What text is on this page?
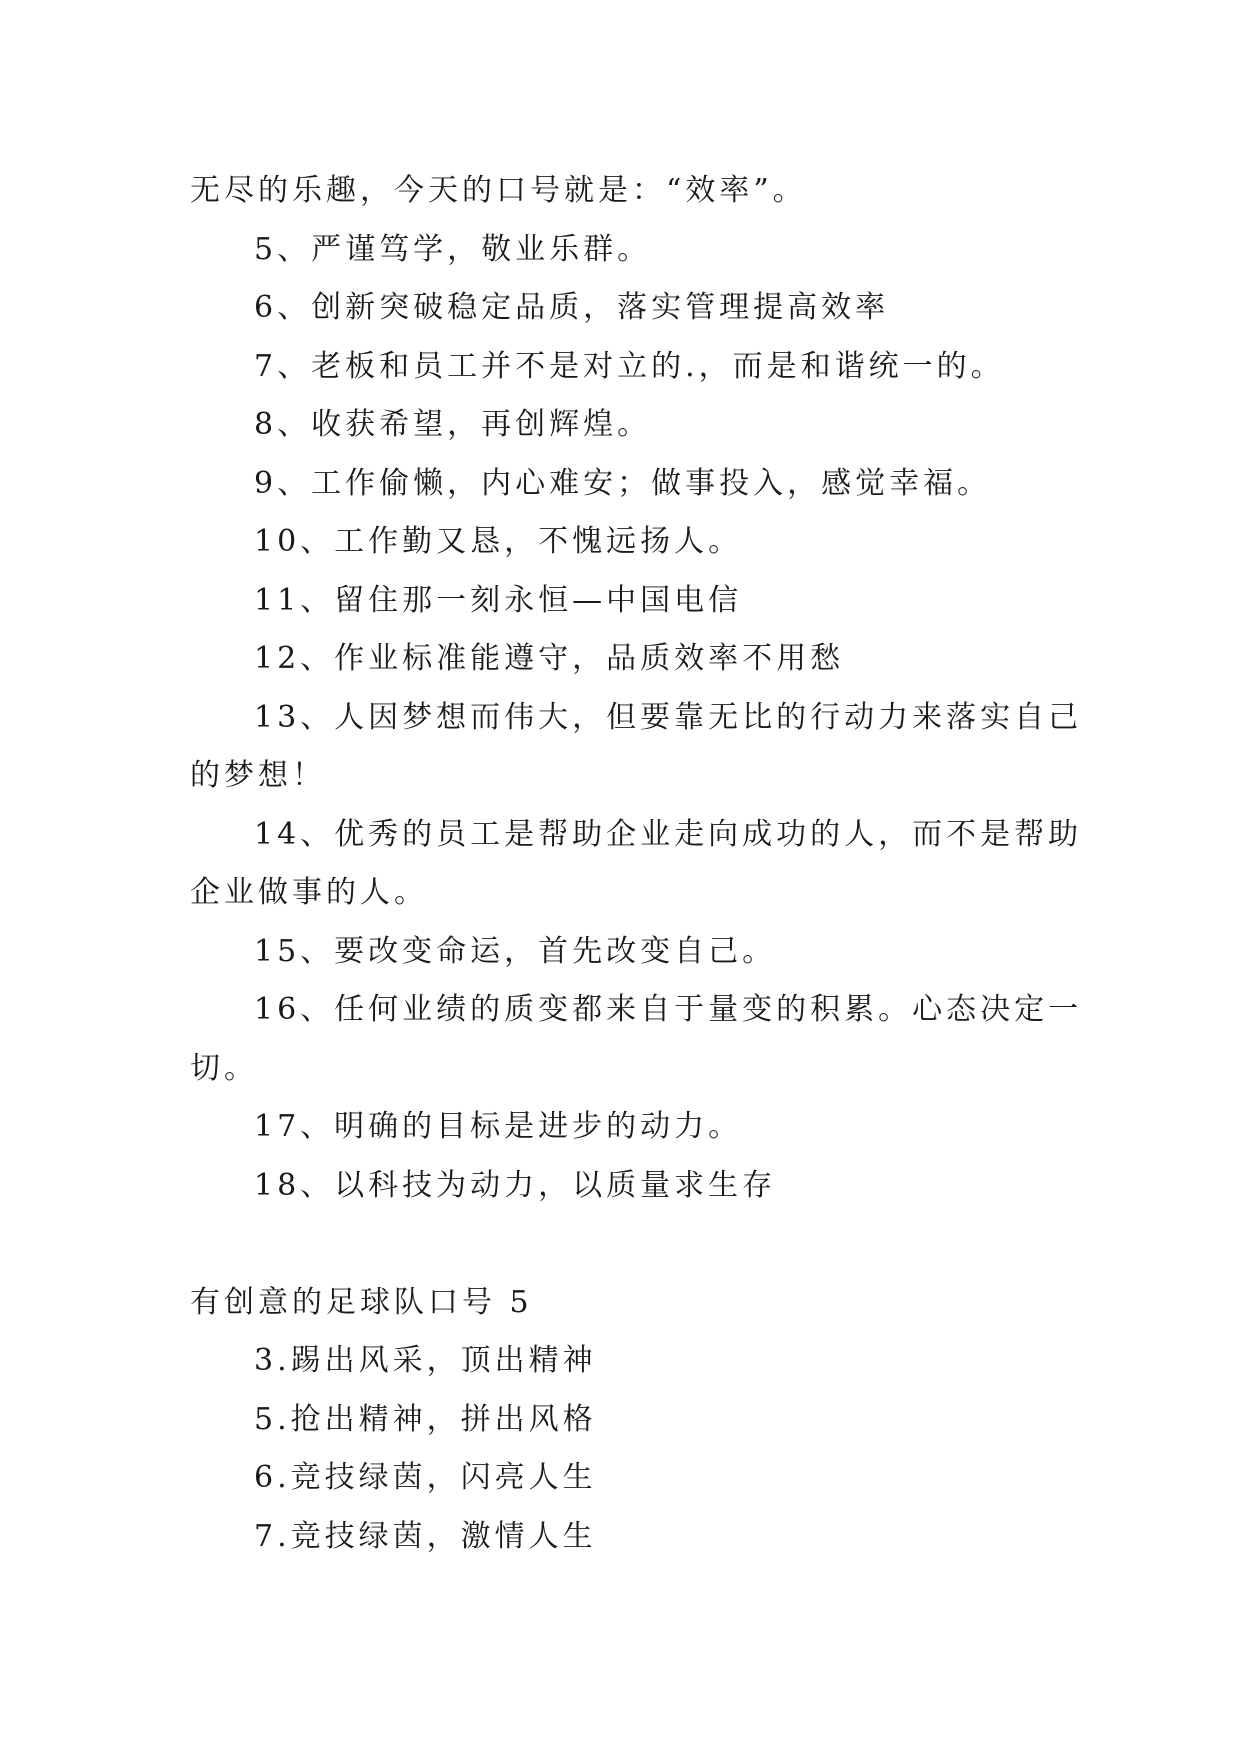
无尽的乐趣，今天的口号就是：“效率”。
5、严谨笃学，敬业乐群。
6、创新突破稳定品质，落实管理提高效率
7、老板和员工并不是对立的.，而是和谐统一的。
8、收获希望，再创辉煌。
9、工作偷懒，内心难安；做事投入，感觉幸福。
10、工作勤又恳，不愧远扬人。
11、留住那一刻永恒—中国电信
12、作业标准能遵守，品质效率不用愁
13、人因梦想而伟大，但要靠无比的行动力来落实自己
的梦想！
14、优秀的员工是帮助企业走向成功的人，而不是帮助
企业做事的人。
15、要改变命运，首先改变自己。
16、任何业绩的质变都来自于量变的积累。心态决定一
切。
17、明确的目标是进步的动力。
18、以科技为动力，以质量求生存
有创意的足球队口号 5
3.踢出风采，顶出精神
5.抢出精神，拼出风格
6.竞技绿茵，闪亮人生
7.竞技绿茵，激情人生
